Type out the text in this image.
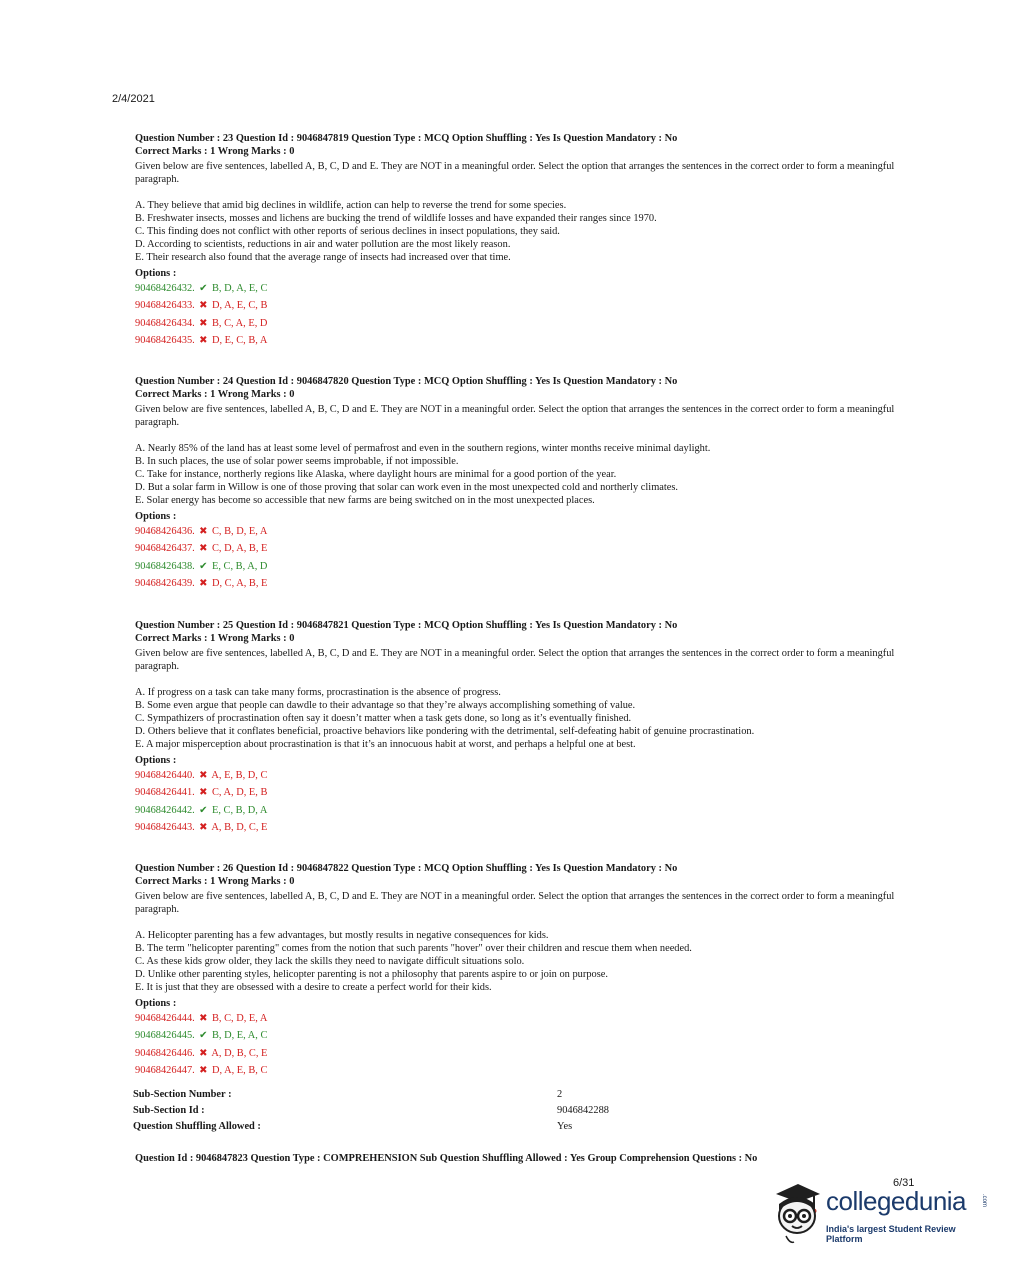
2/4/2021
Question Number : 23 Question Id : 9046847819 Question Type : MCQ Option Shuffling : Yes Is Question Mandatory : No
Correct Marks : 1 Wrong Marks : 0
Given below are five sentences, labelled A, B, C, D and E. They are NOT in a meaningful order. Select the option that arranges the sentences in the correct order to form a meaningful paragraph.
A. They believe that amid big declines in wildlife, action can help to reverse the trend for some species.
B. Freshwater insects, mosses and lichens are bucking the trend of wildlife losses and have expanded their ranges since 1970.
C. This finding does not conflict with other reports of serious declines in insect populations, they said.
D. According to scientists, reductions in air and water pollution are the most likely reason.
E. Their research also found that the average range of insects had increased over that time.
Options :
90468426432. ✔ B, D, A, E, C
90468426433. ✖ D, A, E, C, B
90468426434. ✖ B, C, A, E, D
90468426435. ✖ D, E, C, B, A
Question Number : 24 Question Id : 9046847820 Question Type : MCQ Option Shuffling : Yes Is Question Mandatory : No
Correct Marks : 1 Wrong Marks : 0
Given below are five sentences, labelled A, B, C, D and E. They are NOT in a meaningful order. Select the option that arranges the sentences in the correct order to form a meaningful paragraph.
A. Nearly 85% of the land has at least some level of permafrost and even in the southern regions, winter months receive minimal daylight.
B. In such places, the use of solar power seems improbable, if not impossible.
C. Take for instance, northerly regions like Alaska, where daylight hours are minimal for a good portion of the year.
D. But a solar farm in Willow is one of those proving that solar can work even in the most unexpected cold and northerly climates.
E. Solar energy has become so accessible that new farms are being switched on in the most unexpected places.
Options :
90468426436. ✖ C, B, D, E, A
90468426437. ✖ C, D, A, B, E
90468426438. ✔ E, C, B, A, D
90468426439. ✖ D, C, A, B, E
Question Number : 25 Question Id : 9046847821 Question Type : MCQ Option Shuffling : Yes Is Question Mandatory : No
Correct Marks : 1 Wrong Marks : 0
Given below are five sentences, labelled A, B, C, D and E. They are NOT in a meaningful order. Select the option that arranges the sentences in the correct order to form a meaningful paragraph.
A. If progress on a task can take many forms, procrastination is the absence of progress.
B. Some even argue that people can dawdle to their advantage so that they’re always accomplishing something of value.
C. Sympathizers of procrastination often say it doesn’t matter when a task gets done, so long as it’s eventually finished.
D. Others believe that it conflates beneficial, proactive behaviors like pondering with the detrimental, self-defeating habit of genuine procrastination.
E. A major misperception about procrastination is that it’s an innocuous habit at worst, and perhaps a helpful one at best.
Options :
90468426440. ✖ A, E, B, D, C
90468426441. ✖ C, A, D, E, B
90468426442. ✔ E, C, B, D, A
90468426443. ✖ A, B, D, C, E
Question Number : 26 Question Id : 9046847822 Question Type : MCQ Option Shuffling : Yes Is Question Mandatory : No
Correct Marks : 1 Wrong Marks : 0
Given below are five sentences, labelled A, B, C, D and E. They are NOT in a meaningful order. Select the option that arranges the sentences in the correct order to form a meaningful paragraph.
A. Helicopter parenting has a few advantages, but mostly results in negative consequences for kids.
B. The term "helicopter parenting" comes from the notion that such parents "hover" over their children and rescue them when needed.
C. As these kids grow older, they lack the skills they need to navigate difficult situations solo.
D. Unlike other parenting styles, helicopter parenting is not a philosophy that parents aspire to or join on purpose.
E. It is just that they are obsessed with a desire to create a perfect world for their kids.
Options :
90468426444. ✖ B, C, D, E, A
90468426445. ✔ B, D, E, A, C
90468426446. ✖ A, D, B, C, E
90468426447. ✖ D, A, E, B, C
Sub-Section Number :	2
Sub-Section Id :	9046842288
Question Shuffling Allowed :	Yes
Question Id : 9046847823 Question Type : COMPREHENSION Sub Question Shuffling Allowed : Yes Group Comprehension Questions : No
6/31
collegedunia .com
India's largest Student Review Platform
